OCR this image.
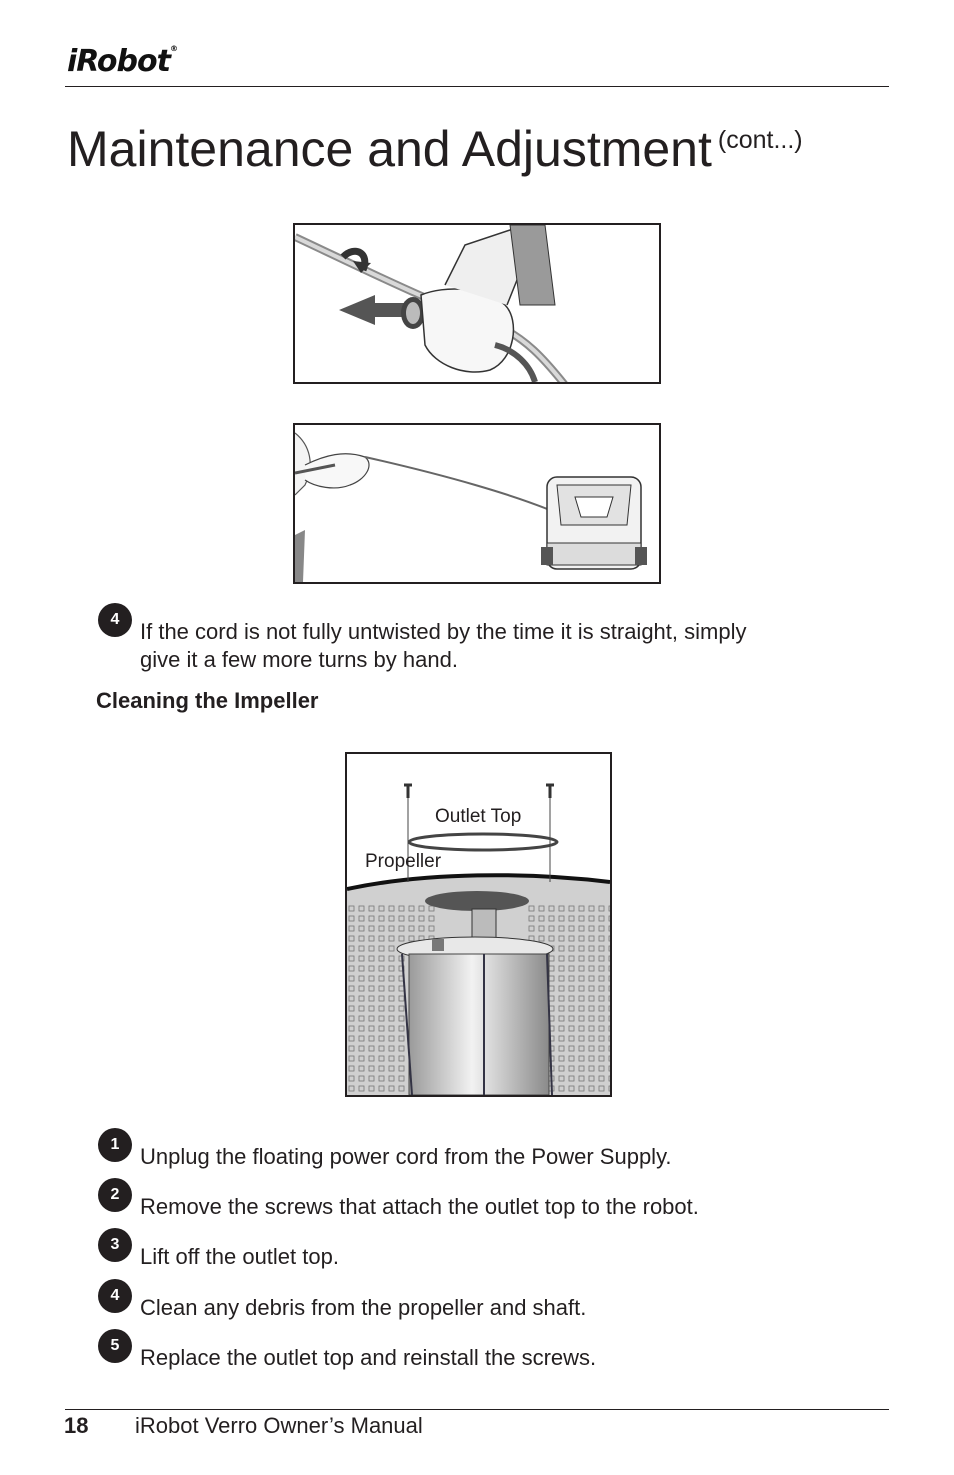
iRobot®
Maintenance and Adjustment $^{(cont...)}$
4 If the cord is not fully untwisted by the time it is straight, simply
give it a few more turns by hand.
Cleaning the Impeller
Outlet Top
Propeller
1 Unplug the floating power cord from the Power Supply.
2 Remove the screws that attach the outlet top to the robot.
3 Lift off the outlet top.
4 Clean any debris from the propeller and shaft.
5 Replace the outlet top and reinstall the screws.
18 iRobot Verro Owner’s Manual
